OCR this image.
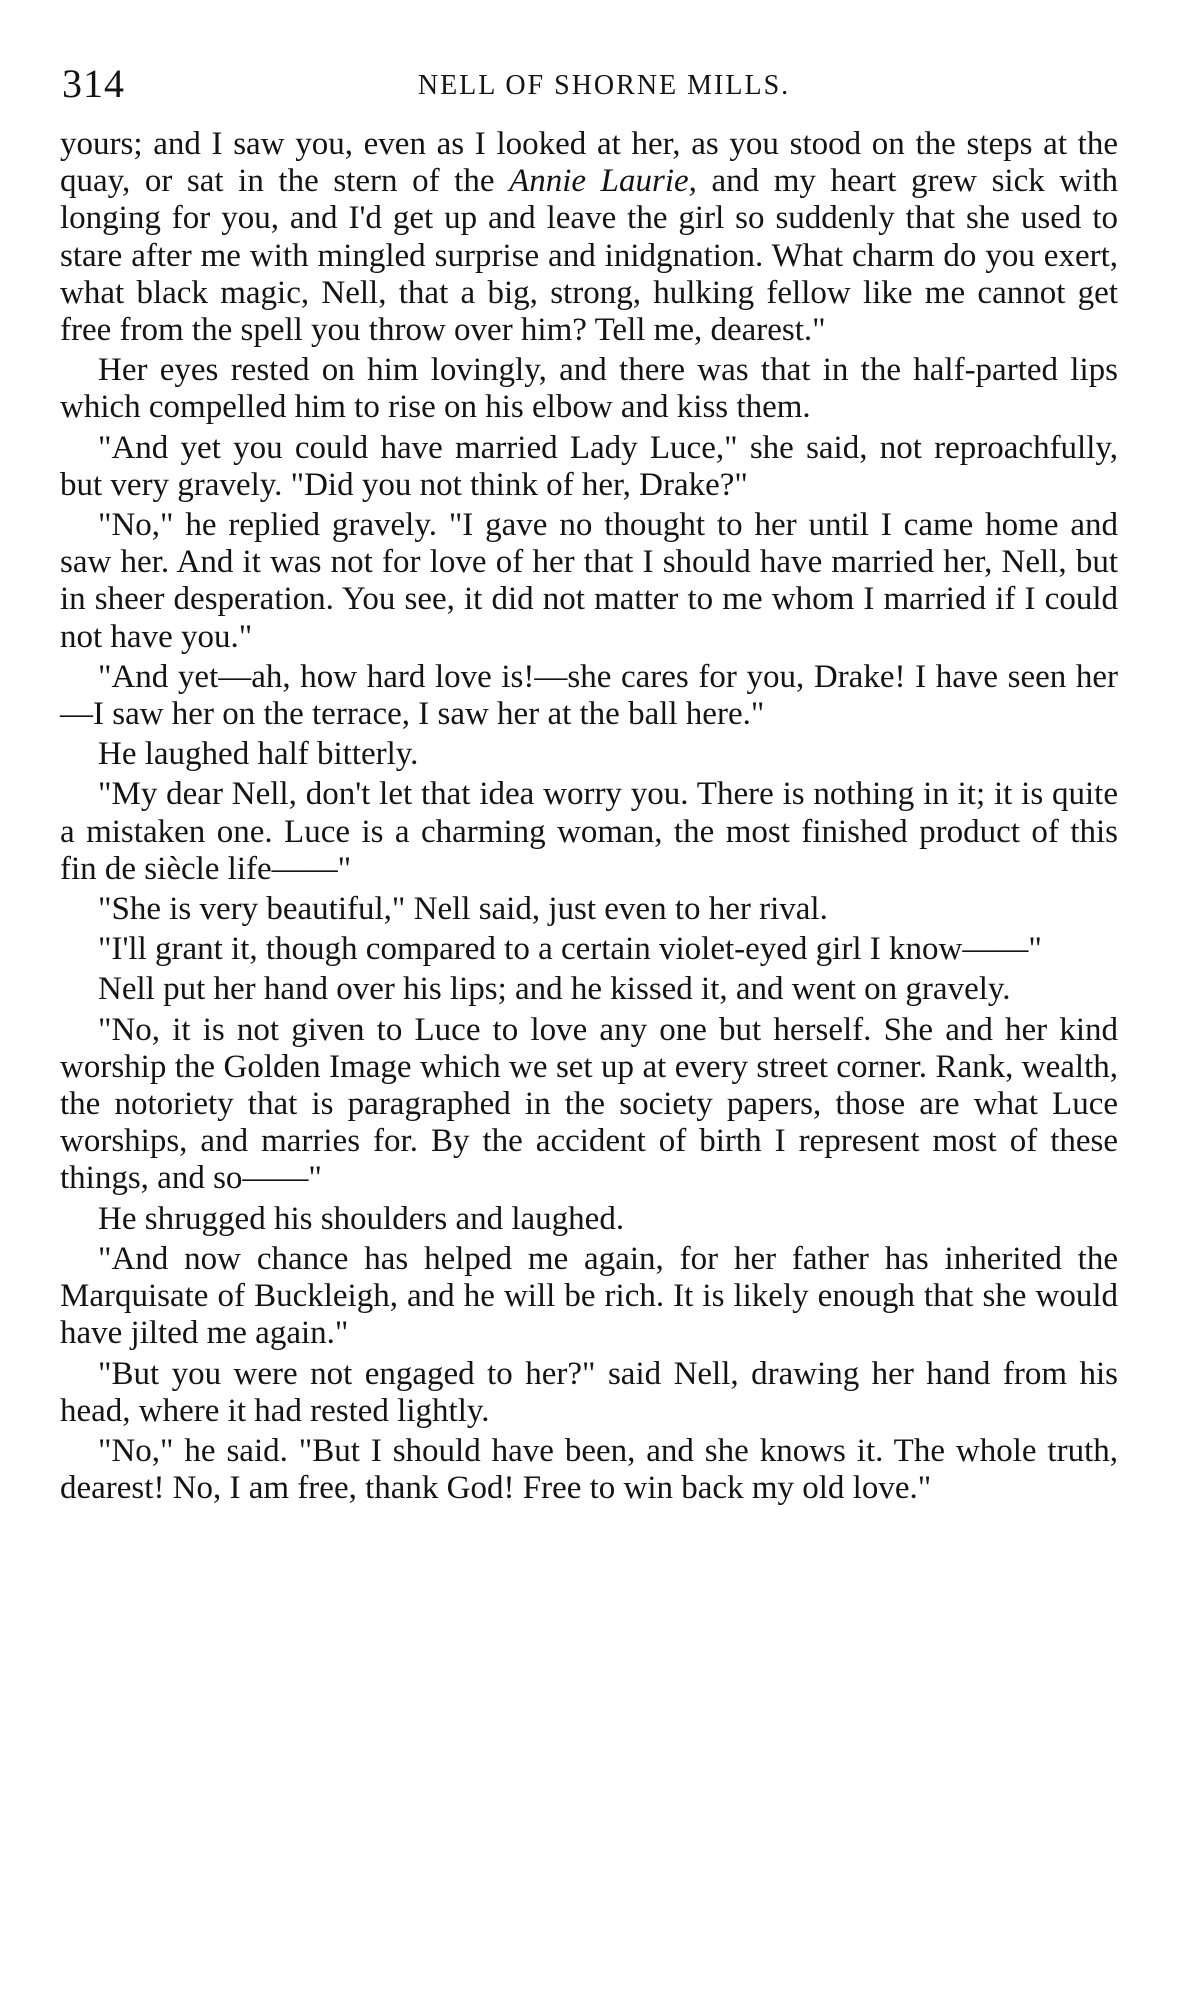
314	NELL OF SHORNE MILLS.

yours; and I saw you, even as I looked at her, as you stood on the steps at the quay, or sat in the stern of the Annie Laurie, and my heart grew sick with longing for you, and I'd get up and leave the girl so suddenly that she used to stare after me with mingled surprise and inidgnation. What charm do you exert, what black magic, Nell, that a big, strong, hulking fellow like me cannot get free from the spell you throw over him? Tell me, dearest."

Her eyes rested on him lovingly, and there was that in the half-parted lips which compelled him to rise on his elbow and kiss them.

"And yet you could have married Lady Luce," she said, not reproachfully, but very gravely. "Did you not think of her, Drake?"

"No," he replied gravely. "I gave no thought to her until I came home and saw her. And it was not for love of her that I should have married her, Nell, but in sheer desperation. You see, it did not matter to me whom I married if I could not have you."

"And yet—ah, how hard love is!—she cares for you, Drake! I have seen her—I saw her on the terrace, I saw her at the ball here."

He laughed half bitterly.

"My dear Nell, don't let that idea worry you. There is nothing in it; it is quite a mistaken one. Luce is a charming woman, the most finished product of this fin de siècle life——"

"She is very beautiful," Nell said, just even to her rival.

"I'll grant it, though compared to a certain violet-eyed girl I know——"

Nell put her hand over his lips; and he kissed it, and went on gravely.

"No, it is not given to Luce to love any one but herself. She and her kind worship the Golden Image which we set up at every street corner. Rank, wealth, the notoriety that is paragraphed in the society papers, those are what Luce worships, and marries for. By the accident of birth I represent most of these things, and so——"

He shrugged his shoulders and laughed.

"And now chance has helped me again, for her father has inherited the Marquisate of Buckleigh, and he will be rich. It is likely enough that she would have jilted me again."

"But you were not engaged to her?" said Nell, drawing her hand from his head, where it had rested lightly.

"No," he said. "But I should have been, and she knows it. The whole truth, dearest! No, I am free, thank God! Free to win back my old love."
